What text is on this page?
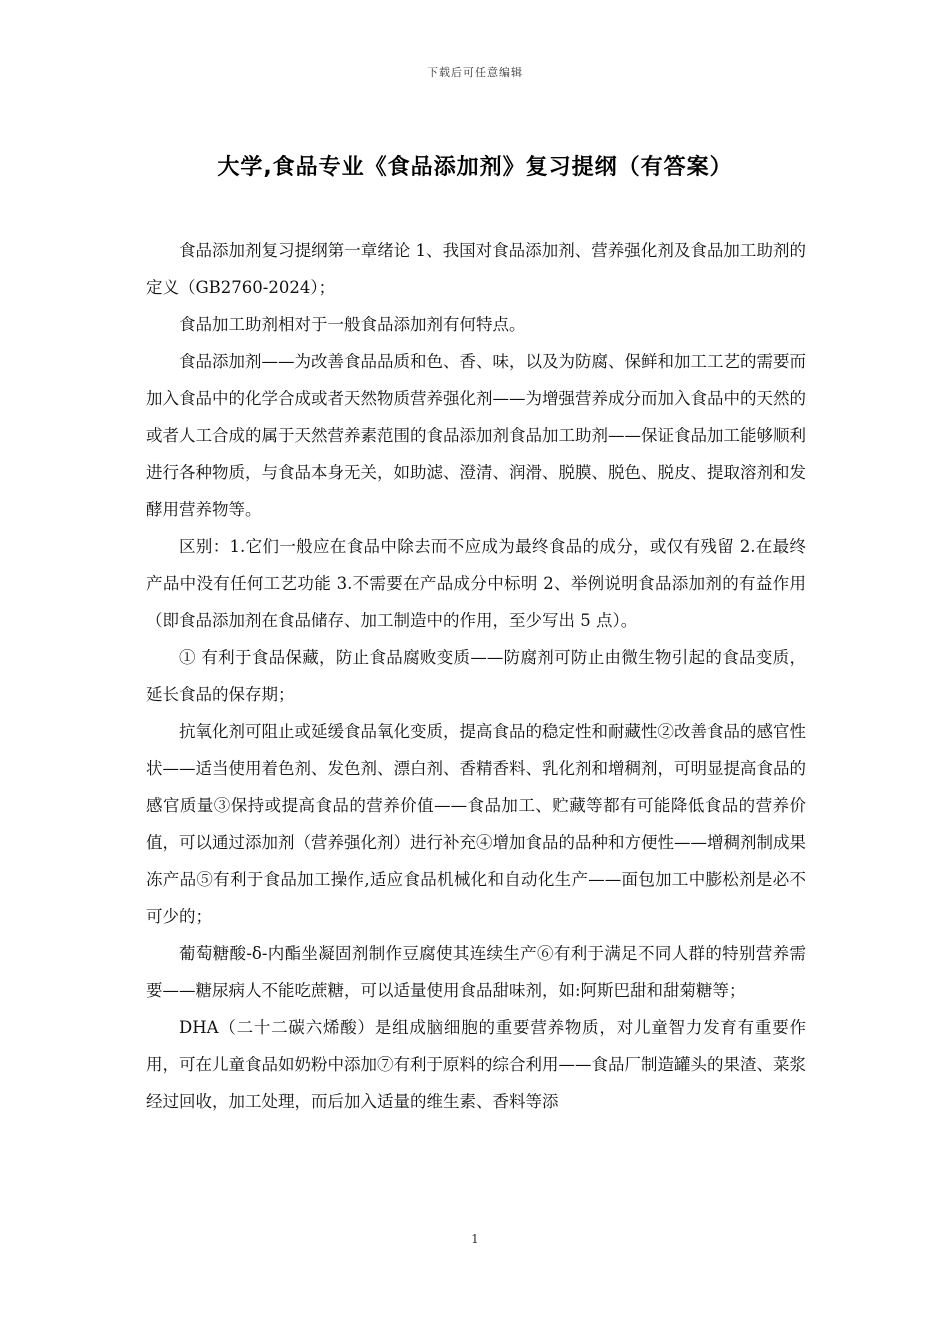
下载后可任意编辑
大学,食品专业《食品添加剂》复习提纲（有答案）

食品添加剂复习提纲第一章绪论 1、我国对食品添加剂、营养强化剂及食品加工助剂的定义（GB2760-2024）；

食品加工助剂相对于一般食品添加剂有何特点。

食品添加剂——为改善食品品质和色、香、味，以及为防腐、保鲜和加工工艺的需要而加入食品中的化学合成或者天然物质营养强化剂——为增强营养成分而加入食品中的天然的或者人工合成的属于天然营养素范围的食品添加剂食品加工助剂——保证食品加工能够顺利进行各种物质，与食品本身无关，如助滤、澄清、润滑、脱膜、脱色、脱皮、提取溶剂和发酵用营养物等。

区别：1.它们一般应在食品中除去而不应成为最终食品的成分，或仅有残留 2.在最终产品中没有任何工艺功能 3.不需要在产品成分中标明 2、举例说明食品添加剂的有益作用（即食品添加剂在食品储存、加工制造中的作用，至少写出 5 点）。

① 有利于食品保藏，防止食品腐败变质——防腐剂可防止由微生物引起的食品变质，延长食品的保存期；

抗氧化剂可阻止或延缓食品氧化变质，提高食品的稳定性和耐藏性②改善食品的感官性状——适当使用着色剂、发色剂、漂白剂、香精香料、乳化剂和增稠剂，可明显提高食品的感官质量③保持或提高食品的营养价值——食品加工、贮藏等都有可能降低食品的营养价值，可以通过添加剂（营养强化剂）进行补充④增加食品的品种和方便性——增稠剂制成果冻产品⑤有利于食品加工操作,适应食品机械化和自动化生产——面包加工中膨松剂是必不可少的；

葡萄糖酸-δ-内酯坐凝固剂制作豆腐使其连续生产⑥有利于满足不同人群的特别营养需要——糖尿病人不能吃蔗糖，可以适量使用食品甜味剂，如:阿斯巴甜和甜菊糖等；

DHA（二十二碳六烯酸）是组成脑细胞的重要营养物质，对儿童智力发育有重要作用，可在儿童食品如奶粉中添加⑦有利于原料的综合利用——食品厂制造罐头的果渣、菜浆经过回收，加工处理，而后加入适量的维生素、香料等添

1
